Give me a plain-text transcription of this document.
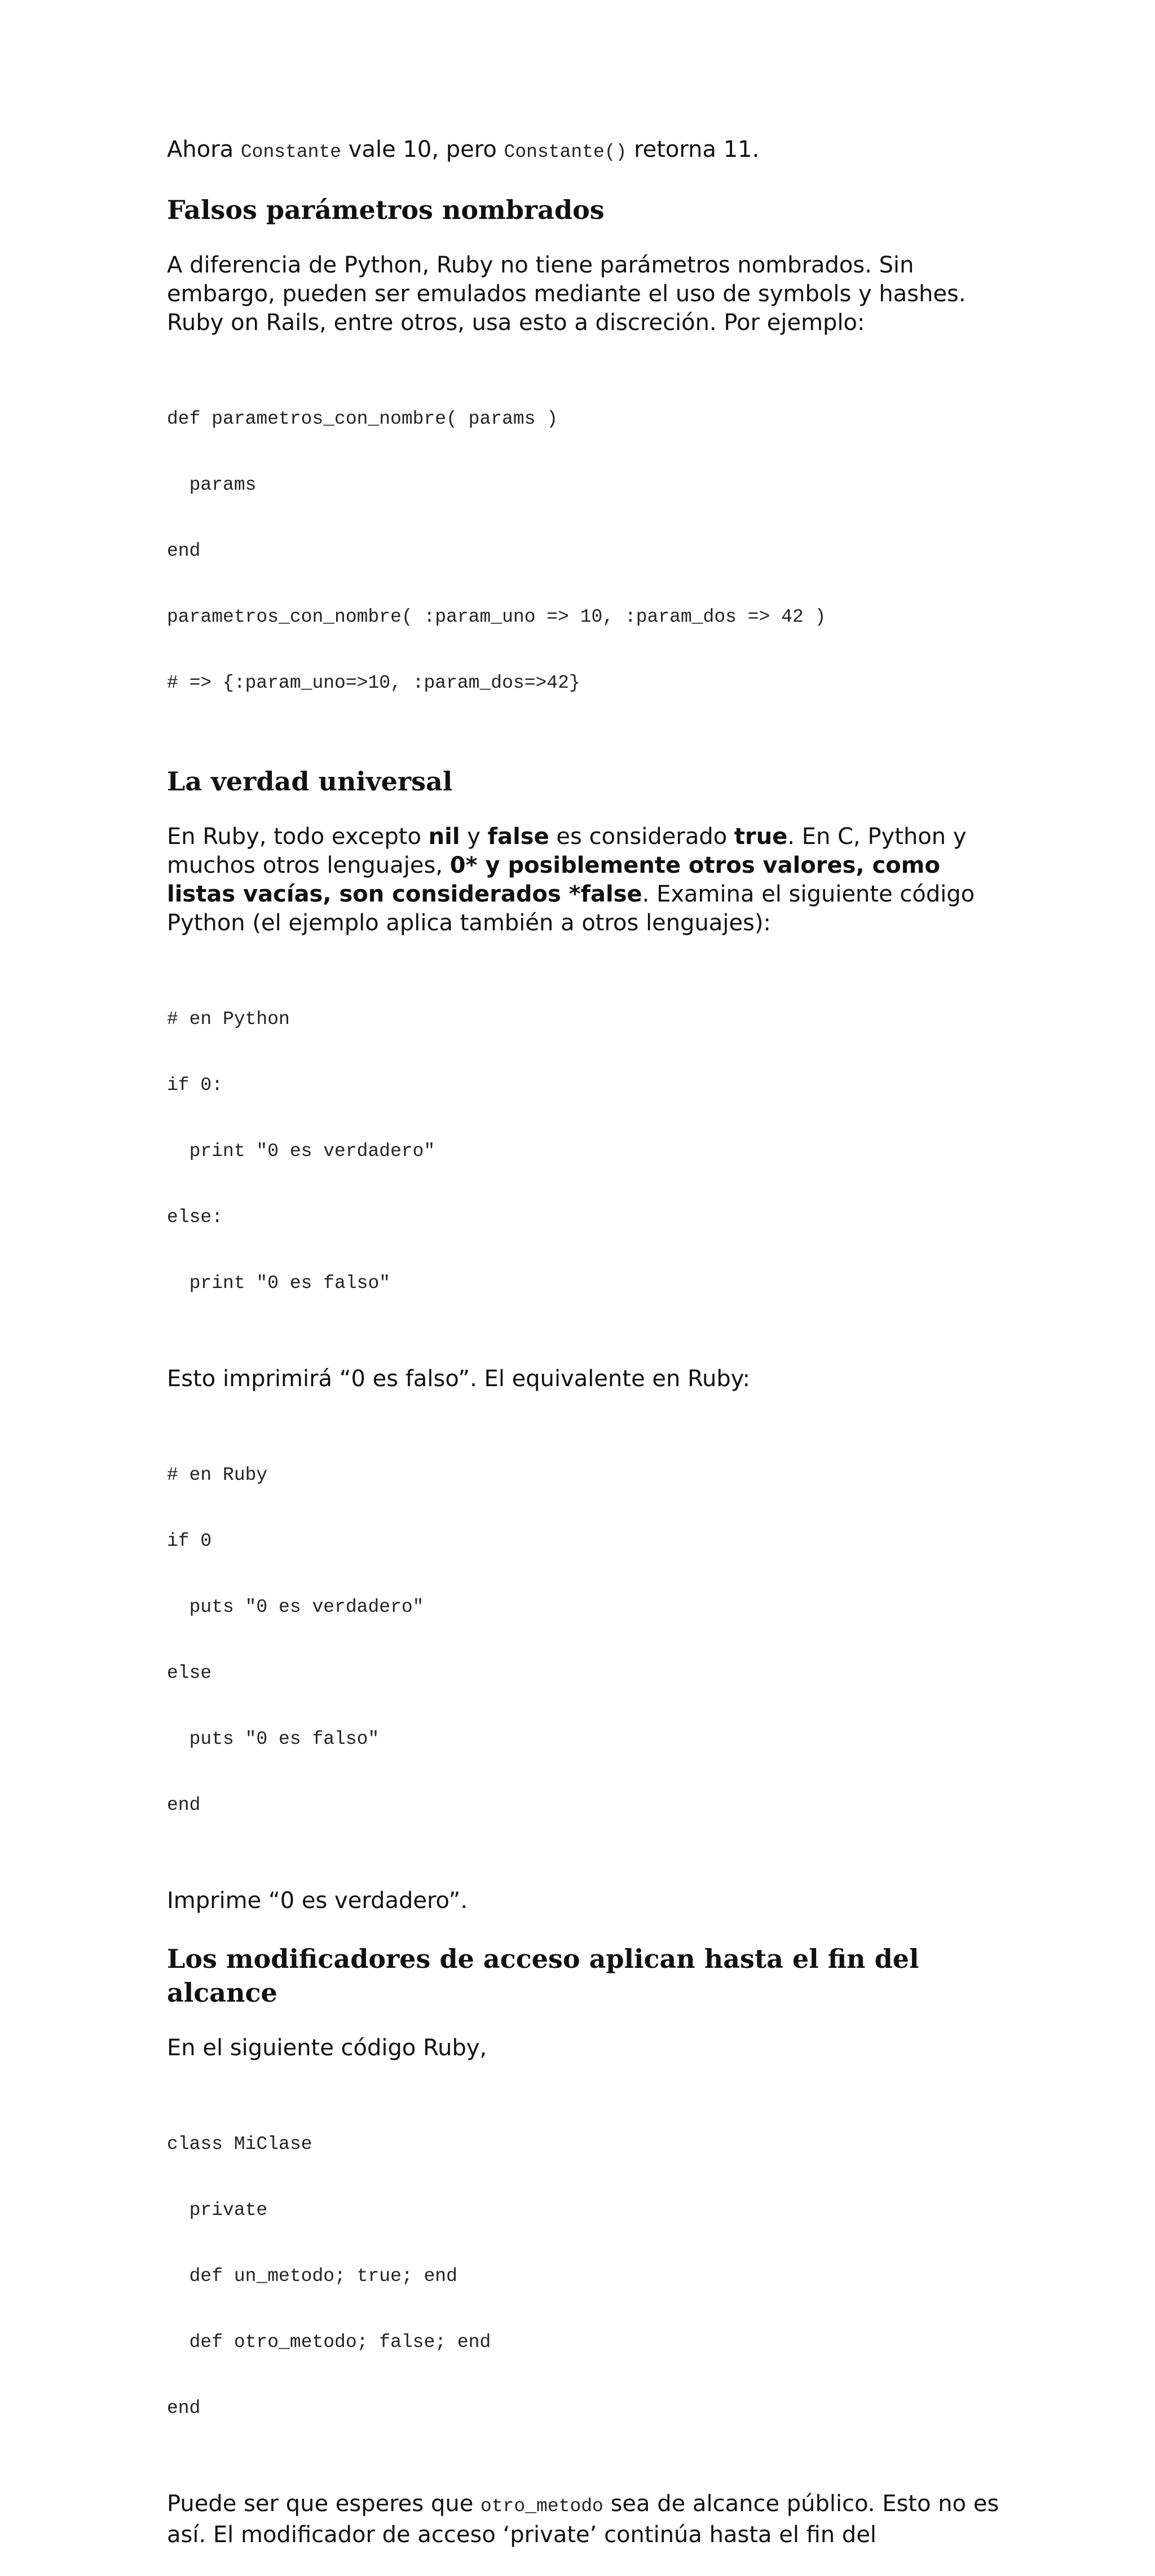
Ahora Constante vale 10, pero Constante() retorna 11.

Falsos parámetros nombrados

A diferencia de Python, Ruby no tiene parámetros nombrados. Sin embargo, pueden ser emulados mediante el uso de symbols y hashes. Ruby on Rails, entre otros, usa esto a discreción. Por ejemplo:

def parametros_con_nombre( params )

params

end

parametros_con_nombre( :param_uno => 10, :param_dos => 42 )

# => {:param_uno=>10, :param_dos=>42}

La verdad universal

En Ruby, todo excepto nil y false es considerado true. En C, Python y muchos otros lenguajes, 0* y posiblemente otros valores, como listas vacías, son considerados *false. Examina el siguiente código Python (el ejemplo aplica también a otros lenguajes):

# en Python

if 0:

print "0 es verdadero"

else:

print "0 es falso"

Esto imprimirá “0 es falso”. El equivalente en Ruby:

# en Ruby

if 0

puts "0 es verdadero"

else

puts "0 es falso"

end

Imprime “0 es verdadero”.

Los modificadores de acceso aplican hasta el fin del alcance

En el siguiente código Ruby,

class MiClase

private

def un_metodo; true; end

def otro_metodo; false; end

end

Puede ser que esperes que otro_metodo sea de alcance público. Esto no es así. El modificador de acceso ‘private’ continúa hasta el fin del
